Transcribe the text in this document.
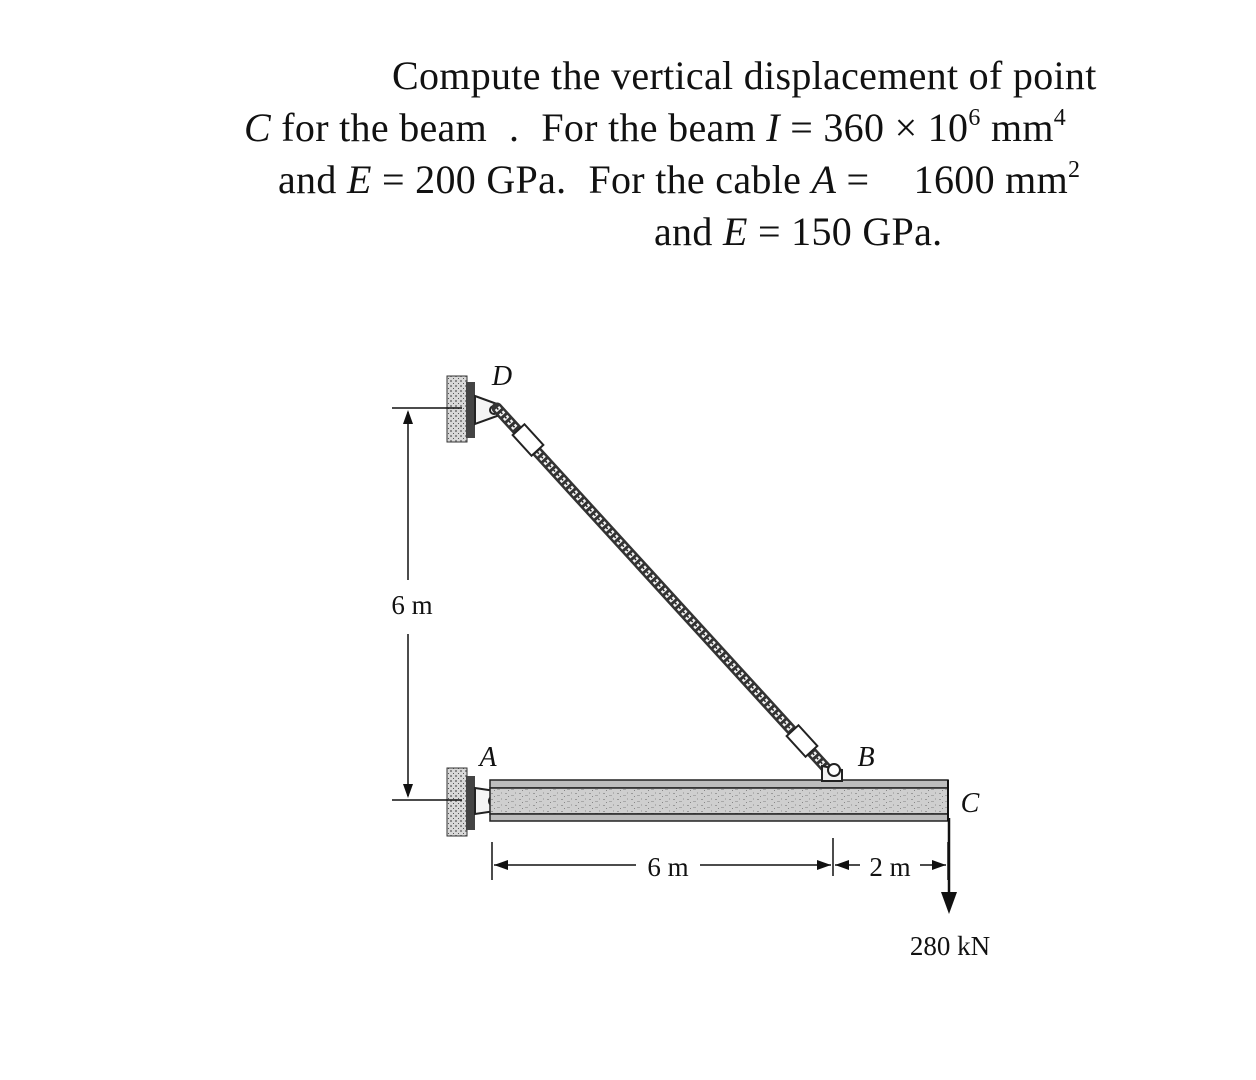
Compute the vertical displacement of point
C for the beam . For the beam $I = 360 \times 10^6$ $mm^4$
and E = 200 GPa. For the cable A = 1600 $mm^2$
and E = 150 GPa.
6 m
6 m	2 m
280 kN
D
A	B
C
